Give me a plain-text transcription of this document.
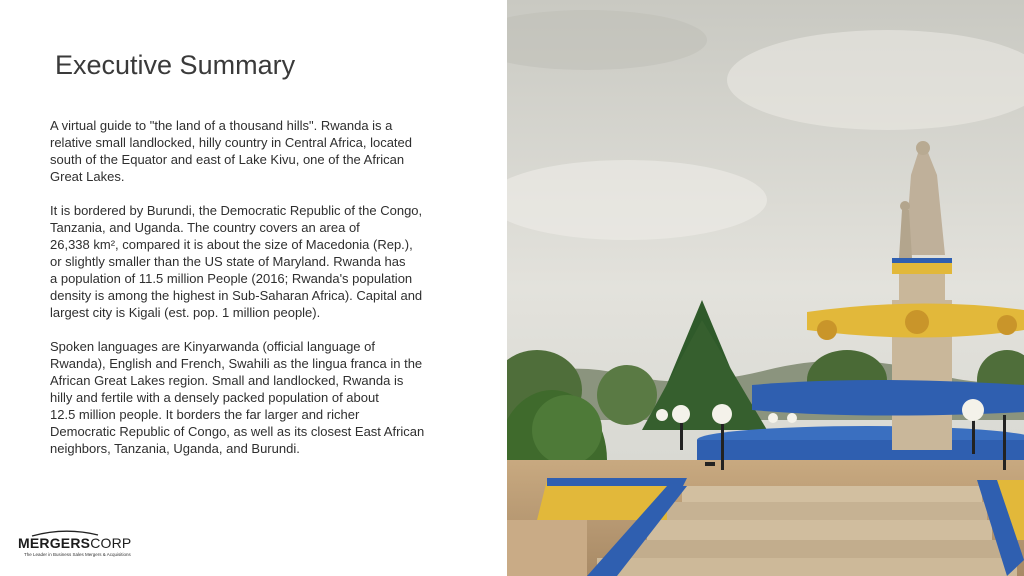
Executive Summary

A virtual guide to "the land of a thousand hills". Rwanda is a
relative small landlocked, hilly country in Central Africa, located
south of the Equator and east of Lake Kivu, one of the African
Great Lakes.

It is bordered by Burundi, the Democratic Republic of the Congo,
Tanzania, and Uganda. The country covers an area of
26,338 km², compared it is about the size of Macedonia (Rep.),
or slightly smaller than the US state of Maryland. Rwanda has
a population of 11.5 million People (2016; Rwanda's population
density is among the highest in Sub-Saharan Africa). Capital and
largest city is Kigali (est. pop. 1 million people).

Spoken languages are Kinyarwanda (official language of
Rwanda), English and French, Swahili as the lingua franca in the
African Great Lakes region. Small and landlocked, Rwanda is
hilly and fertile with a densely packed population of about
12.5 million people. It borders the far larger and richer
Democratic Republic of Congo, as well as its closest East African
neighbors, Tanzania, Uganda, and Burundi.

MERGERSCORP
The Leader in Business Sales Mergers & Acquisitions
